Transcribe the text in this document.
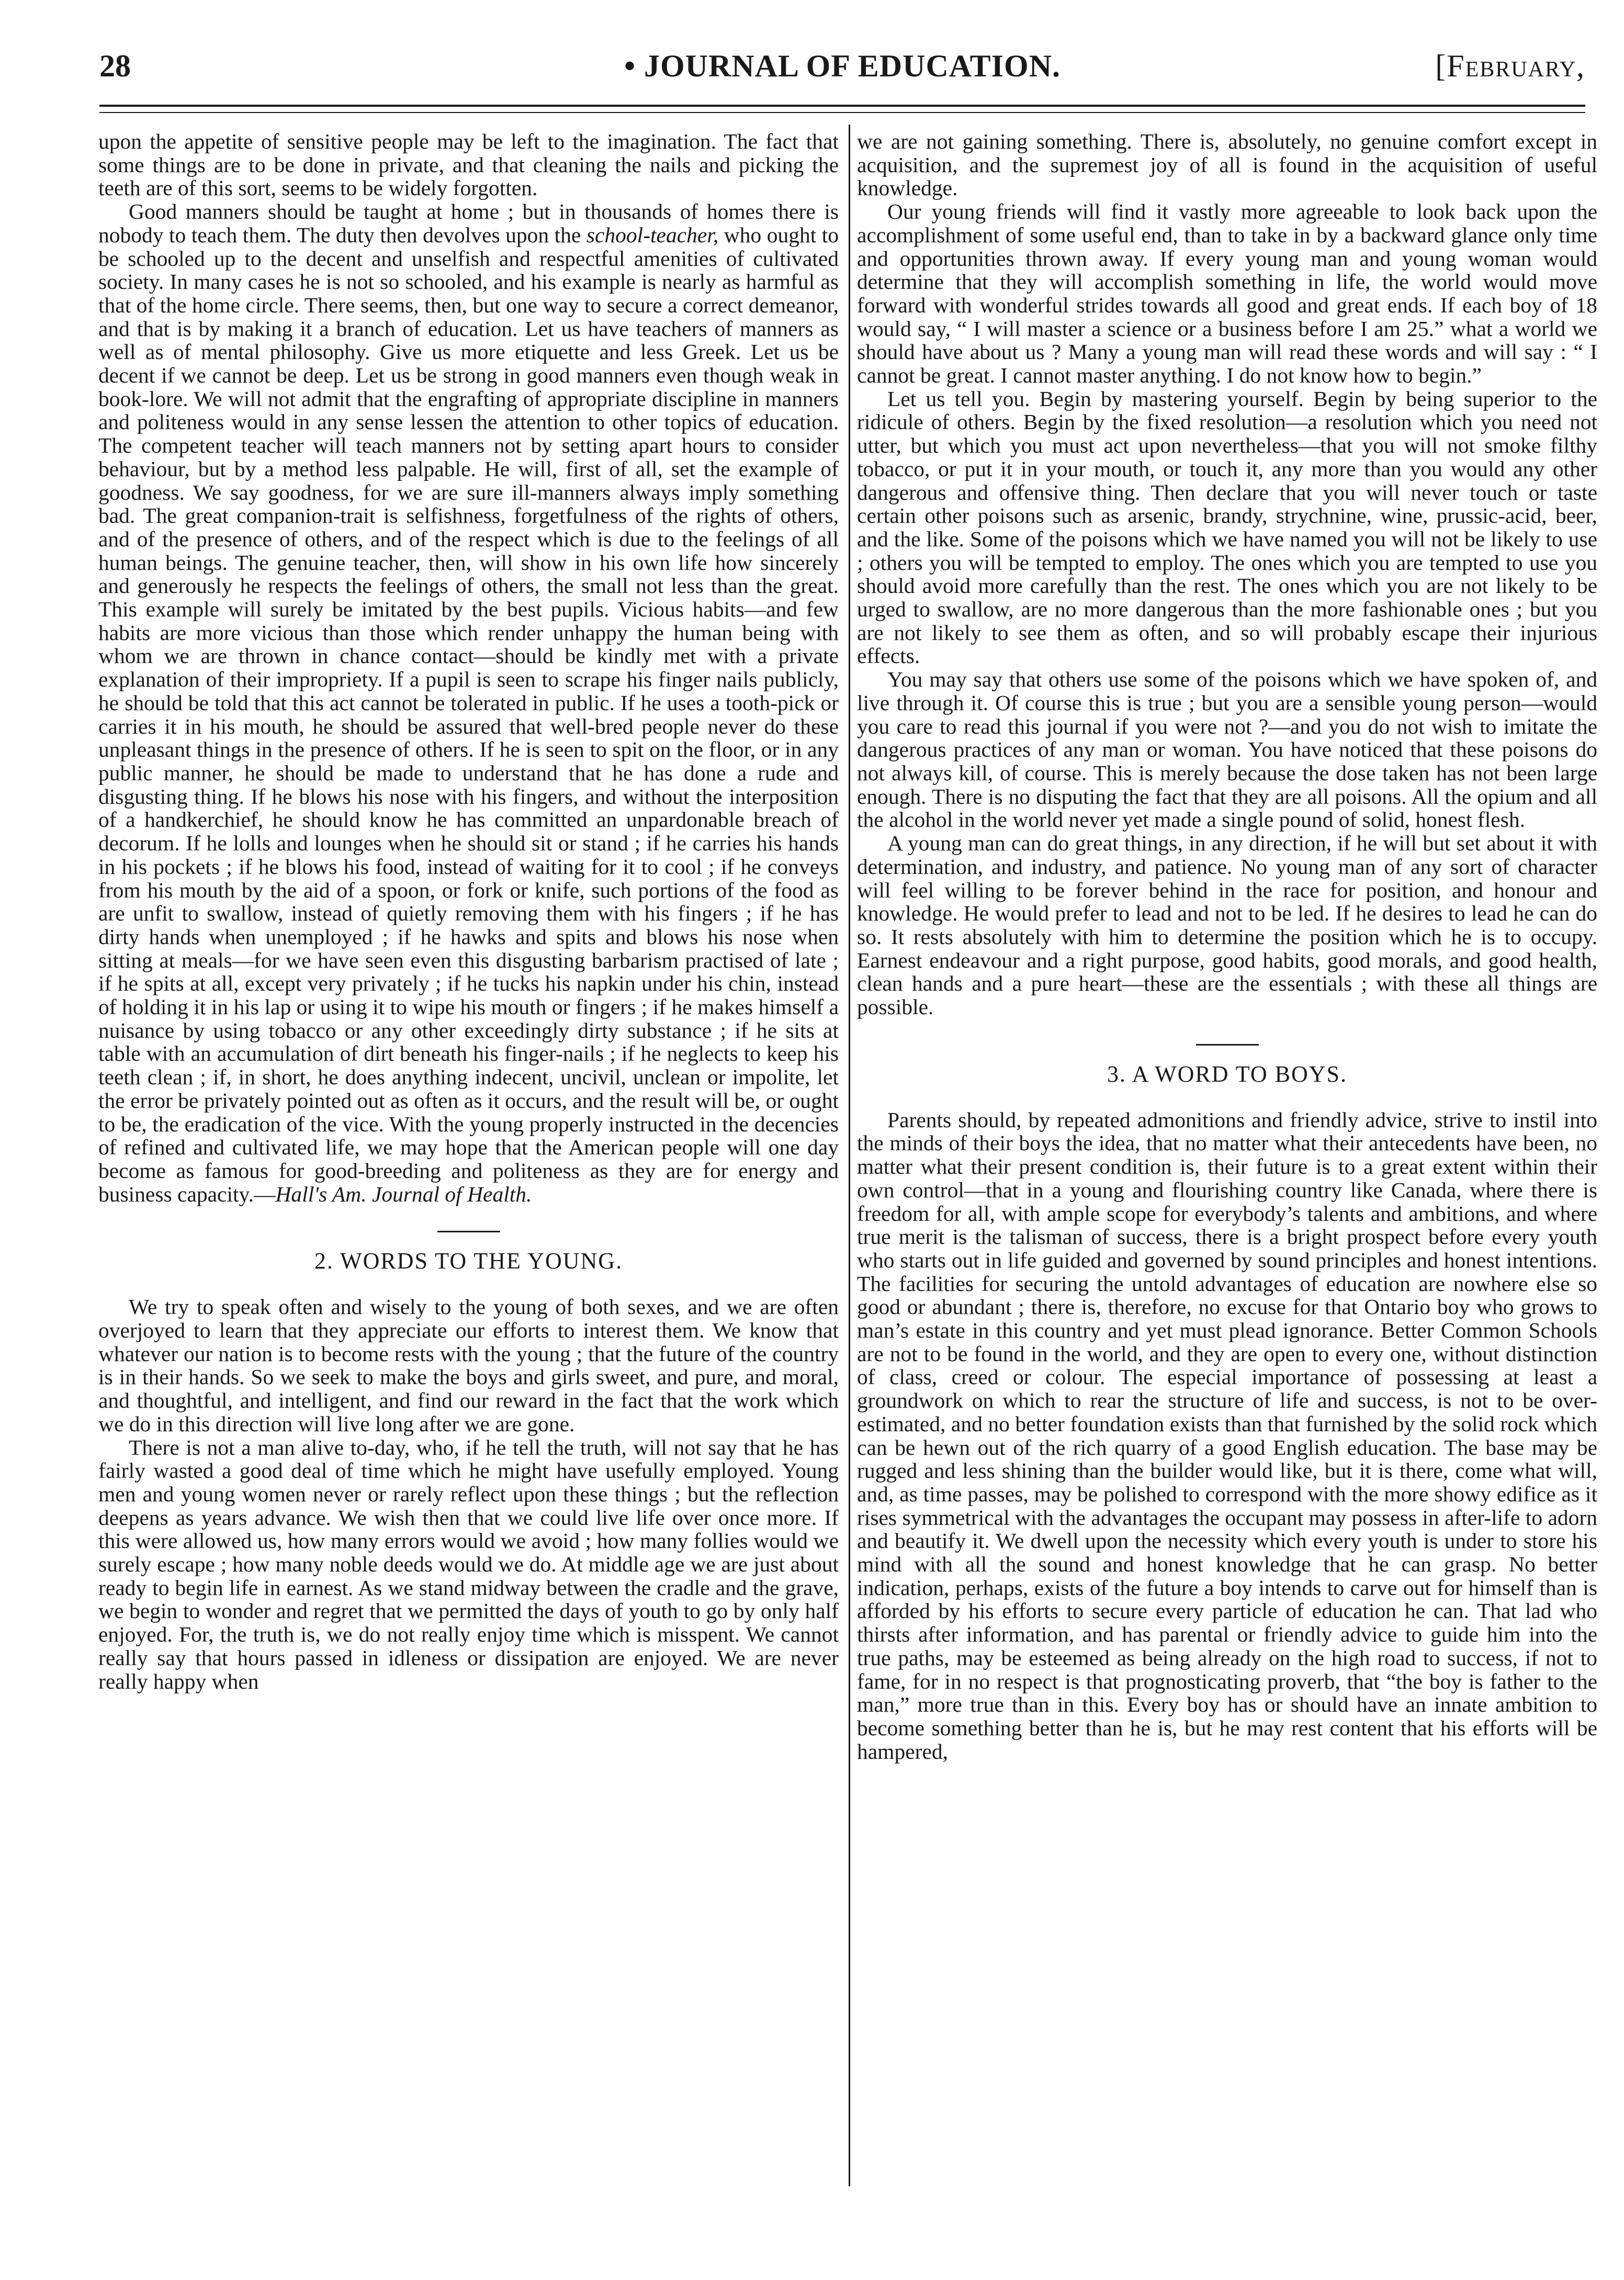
28	• JOURNAL OF EDUCATION.	[February,

upon the appetite of sensitive people may be left to the imagination. The fact that some things are to be done in private, and that cleaning the nails and picking the teeth are of this sort, seems to be widely forgotten.

Good manners should be taught at home ; but in thousands of homes there is nobody to teach them. The duty then devolves upon the school-teacher, who ought to be schooled up to the decent and unselfish and respectful amenities of cultivated society. In many cases he is not so schooled, and his example is nearly as harmful as that of the home circle. There seems, then, but one way to secure a correct demeanor, and that is by making it a branch of education. Let us have teachers of manners as well as of mental philosophy. Give us more etiquette and less Greek. Let us be decent if we cannot be deep. Let us be strong in good manners even though weak in book-lore. We will not admit that the engrafting of appropriate discipline in manners and politeness would in any sense lessen the attention to other topics of education. The competent teacher will teach manners not by setting apart hours to consider behaviour, but by a method less palpable. He will, first of all, set the example of goodness. We say goodness, for we are sure ill-manners always imply something bad. The great companion-trait is selfishness, forgetfulness of the rights of others, and of the presence of others, and of the respect which is due to the feelings of all human beings. The genuine teacher, then, will show in his own life how sincerely and generously he respects the feelings of others, the small not less than the great. This example will surely be imitated by the best pupils. Vicious habits—and few habits are more vicious than those which render unhappy the human being with whom we are thrown in chance contact—should be kindly met with a private explanation of their impropriety. If a pupil is seen to scrape his finger nails publicly, he should be told that this act cannot be tolerated in public. If he uses a tooth-pick or carries it in his mouth, he should be assured that well-bred people never do these unpleasant things in the presence of others. If he is seen to spit on the floor, or in any public manner, he should be made to understand that he has done a rude and disgusting thing. If he blows his nose with his fingers, and without the interposition of a handkerchief, he should know he has committed an unpardonable breach of decorum. If he lolls and lounges when he should sit or stand ; if he carries his hands in his pockets ; if he blows his food, instead of waiting for it to cool ; if he conveys from his mouth by the aid of a spoon, or fork or knife, such portions of the food as are unfit to swallow, instead of quietly removing them with his fingers ; if he has dirty hands when unemployed ; if he hawks and spits and blows his nose when sitting at meals—for we have seen even this disgusting barbarism practised of late ; if he spits at all, except very privately ; if he tucks his napkin under his chin, instead of holding it in his lap or using it to wipe his mouth or fingers ; if he makes himself a nuisance by using tobacco or any other exceedingly dirty substance ; if he sits at table with an accumulation of dirt beneath his finger-nails ; if he neglects to keep his teeth clean ; if, in short, he does anything indecent, uncivil, unclean or impolite, let the error be privately pointed out as often as it occurs, and the result will be, or ought to be, the eradication of the vice. With the young properly instructed in the decencies of refined and cultivated life, we may hope that the American people will one day become as famous for good-breeding and politeness as they are for energy and business capacity.—Hall's Am. Journal of Health.

2. WORDS TO THE YOUNG.

We try to speak often and wisely to the young of both sexes, and we are often overjoyed to learn that they appreciate our efforts to interest them. We know that whatever our nation is to become rests with the young ; that the future of the country is in their hands. So we seek to make the boys and girls sweet, and pure, and moral, and thoughtful, and intelligent, and find our reward in the fact that the work which we do in this direction will live long after we are gone.

There is not a man alive to-day, who, if he tell the truth, will not say that he has fairly wasted a good deal of time which he might have usefully employed. Young men and young women never or rarely reflect upon these things ; but the reflection deepens as years advance. We wish then that we could live life over once more. If this were allowed us, how many errors would we avoid ; how many follies would we surely escape ; how many noble deeds would we do. At middle age we are just about ready to begin life in earnest. As we stand midway between the cradle and the grave, we begin to wonder and regret that we permitted the days of youth to go by only half enjoyed. For, the truth is, we do not really enjoy time which is misspent. We cannot really say that hours passed in idleness or dissipation are enjoyed. We are never really happy when

we are not gaining something. There is, absolutely, no genuine comfort except in acquisition, and the supremest joy of all is found in the acquisition of useful knowledge.

Our young friends will find it vastly more agreeable to look back upon the accomplishment of some useful end, than to take in by a backward glance only time and opportunities thrown away. If every young man and young woman would determine that they will accomplish something in life, the world would move forward with wonderful strides towards all good and great ends. If each boy of 18 would say, “ I will master a science or a business before I am 25.” what a world we should have about us ? Many a young man will read these words and will say : “ I cannot be great. I cannot master anything. I do not know how to begin.”

Let us tell you. Begin by mastering yourself. Begin by being superior to the ridicule of others. Begin by the fixed resolution—a resolution which you need not utter, but which you must act upon nevertheless—that you will not smoke filthy tobacco, or put it in your mouth, or touch it, any more than you would any other dangerous and offensive thing. Then declare that you will never touch or taste certain other poisons such as arsenic, brandy, strychnine, wine, prussic-acid, beer, and the like. Some of the poisons which we have named you will not be likely to use ; others you will be tempted to employ. The ones which you are tempted to use you should avoid more carefully than the rest. The ones which you are not likely to be urged to swallow, are no more dangerous than the more fashionable ones ; but you are not likely to see them as often, and so will probably escape their injurious effects.

You may say that others use some of the poisons which we have spoken of, and live through it. Of course this is true ; but you are a sensible young person—would you care to read this journal if you were not ?—and you do not wish to imitate the dangerous practices of any man or woman. You have noticed that these poisons do not always kill, of course. This is merely because the dose taken has not been large enough. There is no disputing the fact that they are all poisons. All the opium and all the alcohol in the world never yet made a single pound of solid, honest flesh.

A young man can do great things, in any direction, if he will but set about it with determination, and industry, and patience. No young man of any sort of character will feel willing to be forever behind in the race for position, and honour and knowledge. He would prefer to lead and not to be led. If he desires to lead he can do so. It rests absolutely with him to determine the position which he is to occupy. Earnest endeavour and a right purpose, good habits, good morals, and good health, clean hands and a pure heart—these are the essentials ; with these all things are possible.

3. A WORD TO BOYS.

Parents should, by repeated admonitions and friendly advice, strive to instil into the minds of their boys the idea, that no matter what their antecedents have been, no matter what their present condition is, their future is to a great extent within their own control—that in a young and flourishing country like Canada, where there is freedom for all, with ample scope for everybody’s talents and ambitions, and where true merit is the talisman of success, there is a bright prospect before every youth who starts out in life guided and governed by sound principles and honest intentions. The facilities for securing the untold advantages of education are nowhere else so good or abundant ; there is, therefore, no excuse for that Ontario boy who grows to man’s estate in this country and yet must plead ignorance. Better Common Schools are not to be found in the world, and they are open to every one, without distinction of class, creed or colour. The especial importance of possessing at least a groundwork on which to rear the structure of life and success, is not to be over-estimated, and no better foundation exists than that furnished by the solid rock which can be hewn out of the rich quarry of a good English education. The base may be rugged and less shining than the builder would like, but it is there, come what will, and, as time passes, may be polished to correspond with the more showy edifice as it rises symmetrical with the advantages the occupant may possess in after-life to adorn and beautify it. We dwell upon the necessity which every youth is under to store his mind with all the sound and honest knowledge that he can grasp. No better indication, perhaps, exists of the future a boy intends to carve out for himself than is afforded by his efforts to secure every particle of education he can. That lad who thirsts after information, and has parental or friendly advice to guide him into the true paths, may be esteemed as being already on the high road to success, if not to fame, for in no respect is that prognosticating proverb, that “the boy is father to the man,” more true than in this. Every boy has or should have an innate ambition to become something better than he is, but he may rest content that his efforts will be hampered,
